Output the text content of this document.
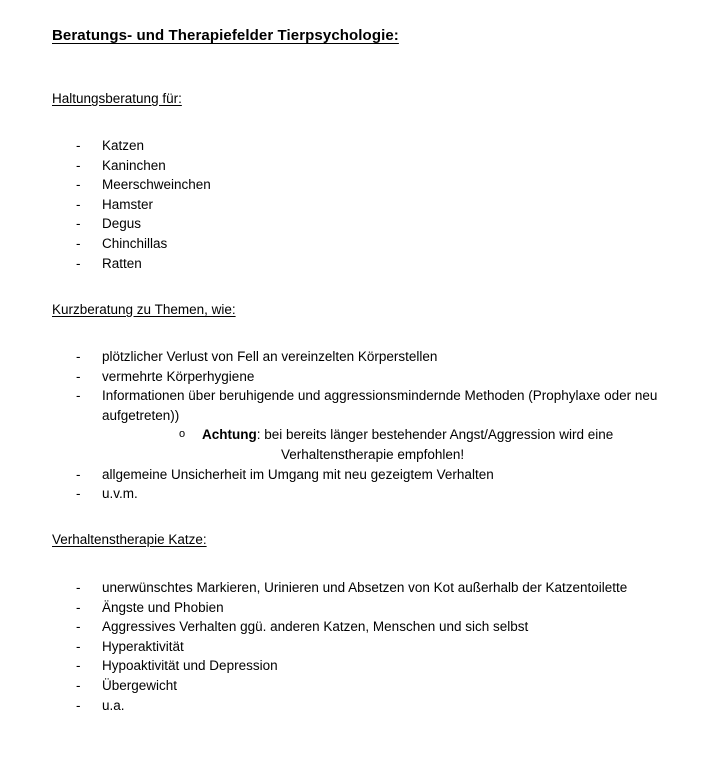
Beratungs- und Therapiefelder Tierpsychologie:
Haltungsberatung für:
- Katzen
- Kaninchen
- Meerschweinchen
- Hamster
- Degus
- Chinchillas
- Ratten
Kurzberatung zu Themen, wie:
- plötzlicher Verlust von Fell an vereinzelten Körperstellen
- vermehrte Körperhygiene
- Informationen über beruhigende und aggressionsmindernde Methoden (Prophylaxe oder neu aufgetreten))
o Achtung: bei bereits länger bestehender Angst/Aggression wird eine
Verhaltenstherapie empfohlen!
- allgemeine Unsicherheit im Umgang mit neu gezeigtem Verhalten
- u.v.m.
Verhaltenstherapie Katze:
- unerwünschtes Markieren, Urinieren und Absetzen von Kot außerhalb der Katzentoilette
- Ängste und Phobien
- Aggressives Verhalten ggü. anderen Katzen, Menschen und sich selbst
- Hyperaktivität
- Hypoaktivität und Depression
- Übergewicht
- u.a.
